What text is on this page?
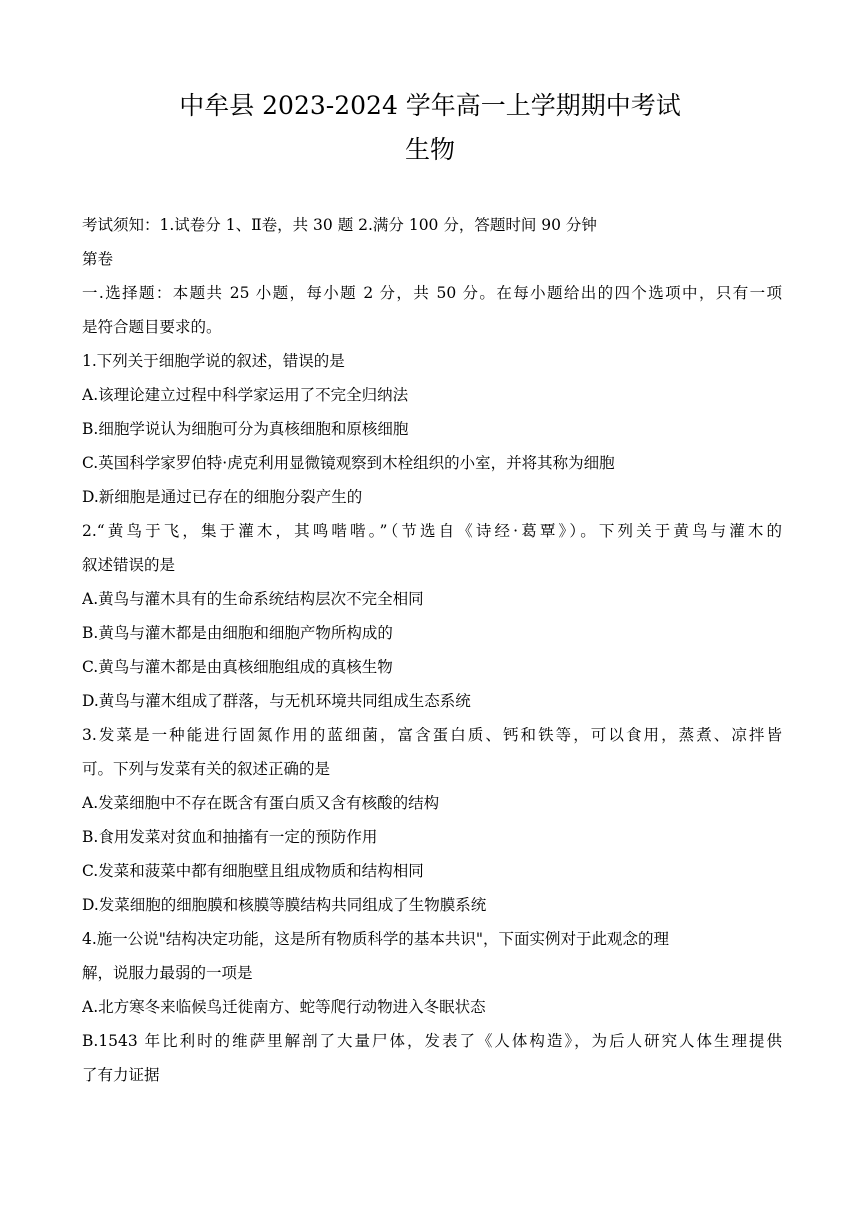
中牟县 2023-2024 学年高一上学期期中考试
生物
考试须知：1.试卷分 1、Ⅱ卷，共 30 题 2.满分 100 分，答题时间 90 分钟
第卷
一.选择题：本题共 25 小题，每小题 2 分，共 50 分。在每小题给出的四个选项中，只有一项
是符合题目要求的。
1.下列关于细胞学说的叙述，错误的是
A.该理论建立过程中科学家运用了不完全归纳法
B.细胞学说认为细胞可分为真核细胞和原核细胞
C.英国科学家罗伯特·虎克利用显微镜观察到木栓组织的小室，并将其称为细胞
D.新细胞是通过已存在的细胞分裂产生的
2.“黄鸟于飞，集于灌木，其鸣喈喈。”（节选自《诗经·葛覃》）。下列关于黄鸟与灌木的
叙述错误的是
A.黄鸟与灌木具有的生命系统结构层次不完全相同
B.黄鸟与灌木都是由细胞和细胞产物所构成的
C.黄鸟与灌木都是由真核细胞组成的真核生物
D.黄鸟与灌木组成了群落，与无机环境共同组成生态系统
3.发菜是一种能进行固氮作用的蓝细菌，富含蛋白质、钙和铁等，可以食用，蒸煮、凉拌皆
可。下列与发菜有关的叙述正确的是
A.发菜细胞中不存在既含有蛋白质又含有核酸的结构
B.食用发菜对贫血和抽搐有一定的预防作用
C.发菜和菠菜中都有细胞壁且组成物质和结构相同
D.发菜细胞的细胞膜和核膜等膜结构共同组成了生物膜系统
4.施一公说"结构决定功能，这是所有物质科学的基本共识"，下面实例对于此观念的理
解，说服力最弱的一项是
A.北方寒冬来临候鸟迁徙南方、蛇等爬行动物进入冬眠状态
B.1543 年比利时的维萨里解剖了大量尸体，发表了《人体构造》，为后人研究人体生理提供
了有力证据
